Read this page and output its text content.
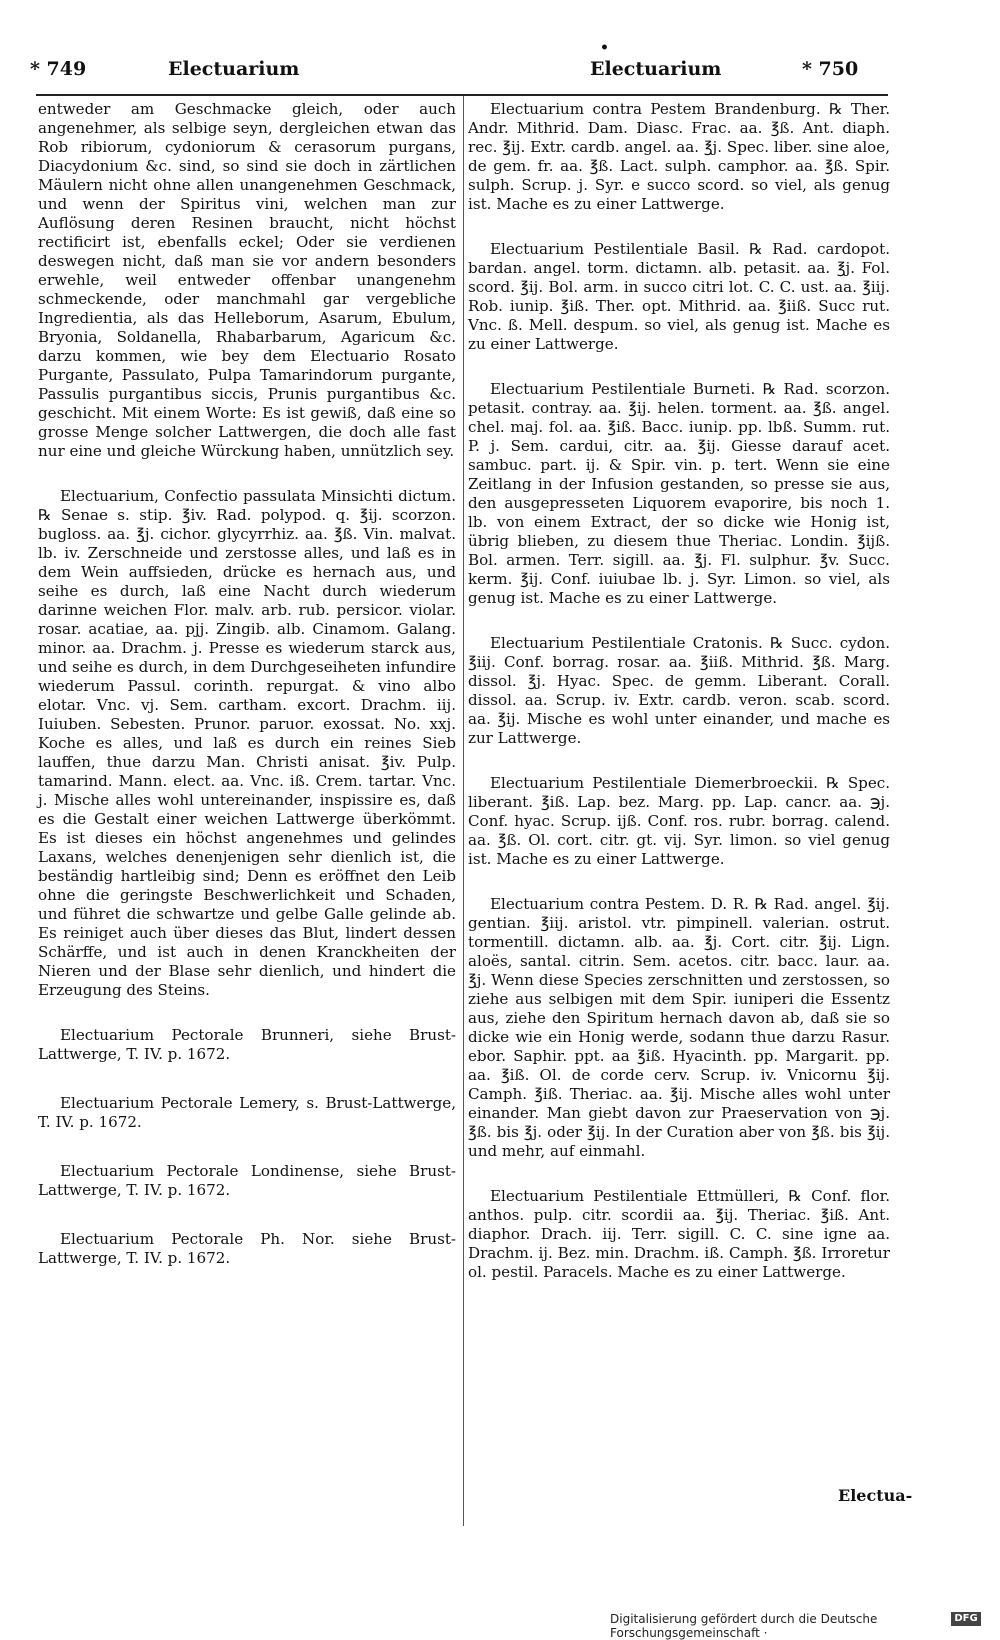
* 749	Electuarium
•
Electuarium	* 750
entweder am Geschmacke gleich, oder auch angenehmer, als selbige seyn, dergleichen etwan das Rob ribiorum, cydoniorum & cerasorum purgans, Diacydonium &c. sind, so sind sie doch in zärtlichen Mäulern nicht ohne allen unangenehmen Geschmack, und wenn der Spiritus vini, welchen man zur Auflösung deren Resinen braucht, nicht höchst rectificirt ist, ebenfalls eckel; Oder sie verdienen deswegen nicht, daß man sie vor andern besonders erwehle, weil entweder offenbar unangenehm schmeckende, oder manchmahl gar vergebliche Ingredientia, als das Helleborum, Asarum, Ebulum, Bryonia, Soldanella, Rhabarbarum, Agaricum &c. darzu kommen, wie bey dem Electuario Rosato Purgante, Passulato, Pulpa Tamarindorum purgante, Passulis purgantibus siccis, Prunis purgantibus &c. geschicht. Mit einem Worte: Es ist gewiß, daß eine so grosse Menge solcher Lattwergen, die doch alle fast nur eine und gleiche Würckung haben, unnützlich sey.
Electuarium, Confectio passulata Minsichti dictum. ℞ Senae s. stip. ℥iv. Rad. polypod. q. ℥ij. scorzon. bugloss. aa. ℥j. cichor. glycyrrhiz. aa. ℥ß. Vin. malvat. lb. iv. Zerschneide und zerstosse alles, und laß es in dem Wein auffsieden, drücke es hernach aus, und seihe es durch, laß eine Nacht durch wiederum darinne weichen Flor. malv. arb. rub. persicor. violar. rosar. acatiae, aa. pjj. Zingib. alb. Cinamom. Galang. minor. aa. Drachm. j. Presse es wiederum starck aus, und seihe es durch, in dem Durchgeseiheten infundire wiederum Passul. corinth. repurgat. & vino albo elotar. Vnc. vj. Sem. cartham. excort. Drachm. iij. Iuiuben. Sebesten. Prunor. paruor. exossat. No. xxj. Koche es alles, und laß es durch ein reines Sieb lauffen, thue darzu Man. Christi anisat. ℥iv. Pulp. tamarind. Mann. elect. aa. Vnc. iß. Crem. tartar. Vnc. j. Mische alles wohl untereinander, inspissire es, daß es die Gestalt einer weichen Lattwerge überkömmt. Es ist dieses ein höchst angenehmes und gelindes Laxans, welches denenjenigen sehr dienlich ist, die beständig hartleibig sind; Denn es eröffnet den Leib ohne die geringste Beschwerlichkeit und Schaden, und führet die schwartze und gelbe Galle gelinde ab. Es reiniget auch über dieses das Blut, lindert dessen Schärffe, und ist auch in denen Kranckheiten der Nieren und der Blase sehr dienlich, und hindert die Erzeugung des Steins.
Electuarium Pectorale Brunneri, siehe Brust-Lattwerge, T. IV. p. 1672.
Electuarium Pectorale Lemery, s. Brust-Lattwerge, T. IV. p. 1672.
Electuarium Pectorale Londinense, siehe Brust-Lattwerge, T. IV. p. 1672.
Electuarium Pectorale Ph. Nor. siehe Brust-Lattwerge, T. IV. p. 1672.
Electuarium contra Pestem Brandenburg. ℞ Ther. Andr. Mithrid. Dam. Diasc. Frac. aa. ℥ß. Ant. diaph. rec. ℥ij. Extr. cardb. angel. aa. ℥j. Spec. liber. sine aloe, de gem. fr. aa. ℥ß. Lact. sulph. camphor. aa. ℥ß. Spir. sulph. Scrup. j. Syr. e succo scord. so viel, als genug ist. Mache es zu einer Lattwerge.
Electuarium Pestilentiale Basil. ℞ Rad. cardopot. bardan. angel. torm. dictamn. alb. petasit. aa. ℥j. Fol. scord. ℥ij. Bol. arm. in succo citri lot. C. C. ust. aa. ℥iij. Rob. iunip. ℥iß. Ther. opt. Mithrid. aa. ℥iiß. Succ rut. Vnc. ß. Mell. despum. so viel, als genug ist. Mache es zu einer Lattwerge.
Electuarium Pestilentiale Burneti. ℞ Rad. scorzon. petasit. contray. aa. ℥ij. helen. torment. aa. ℥ß. angel. chel. maj. fol. aa. ℥iß. Bacc. iunip. pp. lbß. Summ. rut. P. j. Sem. cardui, citr. aa. ℥ij. Giesse darauf acet. sambuc. part. ij. & Spir. vin. p. tert. Wenn sie eine Zeitlang in der Infusion gestanden, so presse sie aus, den ausgepresseten Liquorem evaporire, bis noch 1. lb. von einem Extract, der so dicke wie Honig ist, übrig blieben, zu diesem thue Theriac. Londin. ℥ijß. Bol. armen. Terr. sigill. aa. ℥j. Fl. sulphur. ℥v. Succ. kerm. ℥ij. Conf. iuiubae lb. j. Syr. Limon. so viel, als genug ist. Mache es zu einer Lattwerge.
Electuarium Pestilentiale Cratonis. ℞ Succ. cydon. ℥iij. Conf. borrag. rosar. aa. ℥iiß. Mithrid. ℥ß. Marg. dissol. ℥j. Hyac. Spec. de gemm. Liberant. Corall. dissol. aa. Scrup. iv. Extr. cardb. veron. scab. scord. aa. ℥ij. Mische es wohl unter einander, und mache es zur Lattwerge.
Electuarium Pestilentiale Diemerbroeckii. ℞ Spec. liberant. ℥iß. Lap. bez. Marg. pp. Lap. cancr. aa. ℈j. Conf. hyac. Scrup. ijß. Conf. ros. rubr. borrag. calend. aa. ℥ß. Ol. cort. citr. gt. vij. Syr. limon. so viel genug ist. Mache es zu einer Lattwerge.
Electuarium contra Pestem. D. R. ℞ Rad. angel. ℥ij. gentian. ℥iij. aristol. vtr. pimpinell. valerian. ostrut. tormentill. dictamn. alb. aa. ℥j. Cort. citr. ℥ij. Lign. aloës, santal. citrin. Sem. acetos. citr. bacc. laur. aa. ℥j. Wenn diese Species zerschnitten und zerstossen, so ziehe aus selbigen mit dem Spir. iuniperi die Essentz aus, ziehe den Spiritum hernach davon ab, daß sie so dicke wie ein Honig werde, sodann thue darzu Rasur. ebor. Saphir. ppt. aa ℥iß. Hyacinth. pp. Margarit. pp. aa. ℥iß. Ol. de corde cerv. Scrup. iv. Vnicornu ℥ij. Camph. ℥iß. Theriac. aa. ℥ij. Mische alles wohl unter einander. Man giebt davon zur Praeservation von ℈j. ℥ß. bis ℥j. oder ℥ij. In der Curation aber von ℥ß. bis ℥ij. und mehr, auf einmahl.
Electuarium Pestilentiale Ettmülleri, ℞ Conf. flor. anthos. pulp. citr. scordii aa. ℥ij. Theriac. ℥iß. Ant. diaphor. Drach. iij. Terr. sigill. C. C. sine igne aa. Drachm. ij. Bez. min. Drachm. iß. Camph. ℥ß. Irroretur ol. pestil. Paracels. Mache es zu einer Lattwerge.
Electua-
Digitalisierung gefördert durch die Deutsche Forschungsgemeinschaft ·
DFG
